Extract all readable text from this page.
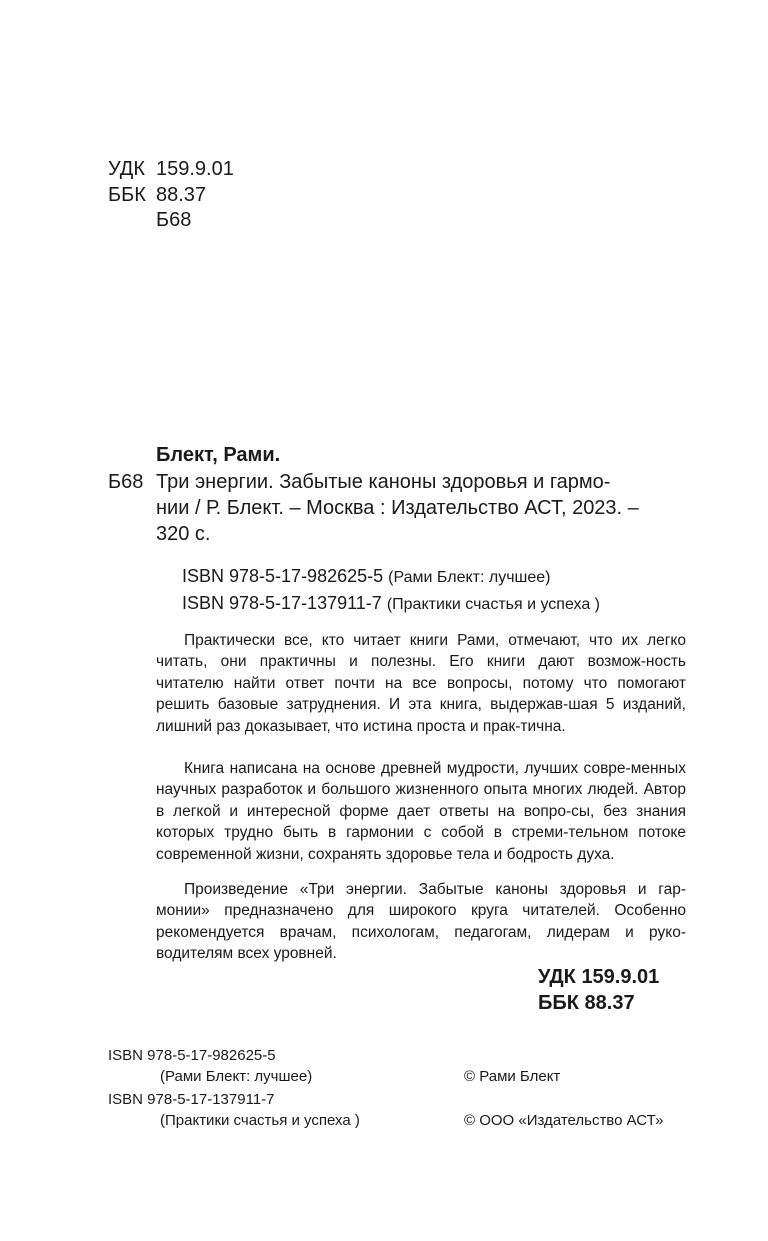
УДК 159.9.01
ББК 88.37
Б68
Блект, Рами.
Б68 Три энергии. Забытые каноны здоровья и гармо-
нии / Р. Блект. – Москва : Издательство АСТ, 2023. –
320 с.
ISBN 978-5-17-982625-5 (Рами Блект: лучшее)
ISBN 978-5-17-137911-7 (Практики счастья и успеха )
Практически все, кто читает книги Рами, отмечают, что их легко читать, они практичны и полезны. Его книги дают возмож-ность читателю найти ответ почти на все вопросы, потому что помогают решить базовые затруднения. И эта книга, выдержав-шая 5 изданий, лишний раз доказывает, что истина проста и прак-тична.
Книга написана на основе древней мудрости, лучших совре-менных научных разработок и большого жизненного опыта многих людей. Автор в легкой и интересной форме дает ответы на вопро-сы, без знания которых трудно быть в гармонии с собой в стреми-тельном потоке современной жизни, сохранять здоровье тела и бодрость духа.
Произведение «Три энергии. Забытые каноны здоровья и гар-монии» предназначено для широкого круга читателей. Особенно рекомендуется врачам, психологам, педагогам, лидерам и руко-водителям всех уровней.
УДК 159.9.01
ББК 88.37
ISBN 978-5-17-982625-5
(Рами Блект: лучшее)
ISBN 978-5-17-137911-7
(Практики счастья и успеха )
© Рами Блект
© ООО «Издательство АСТ»
